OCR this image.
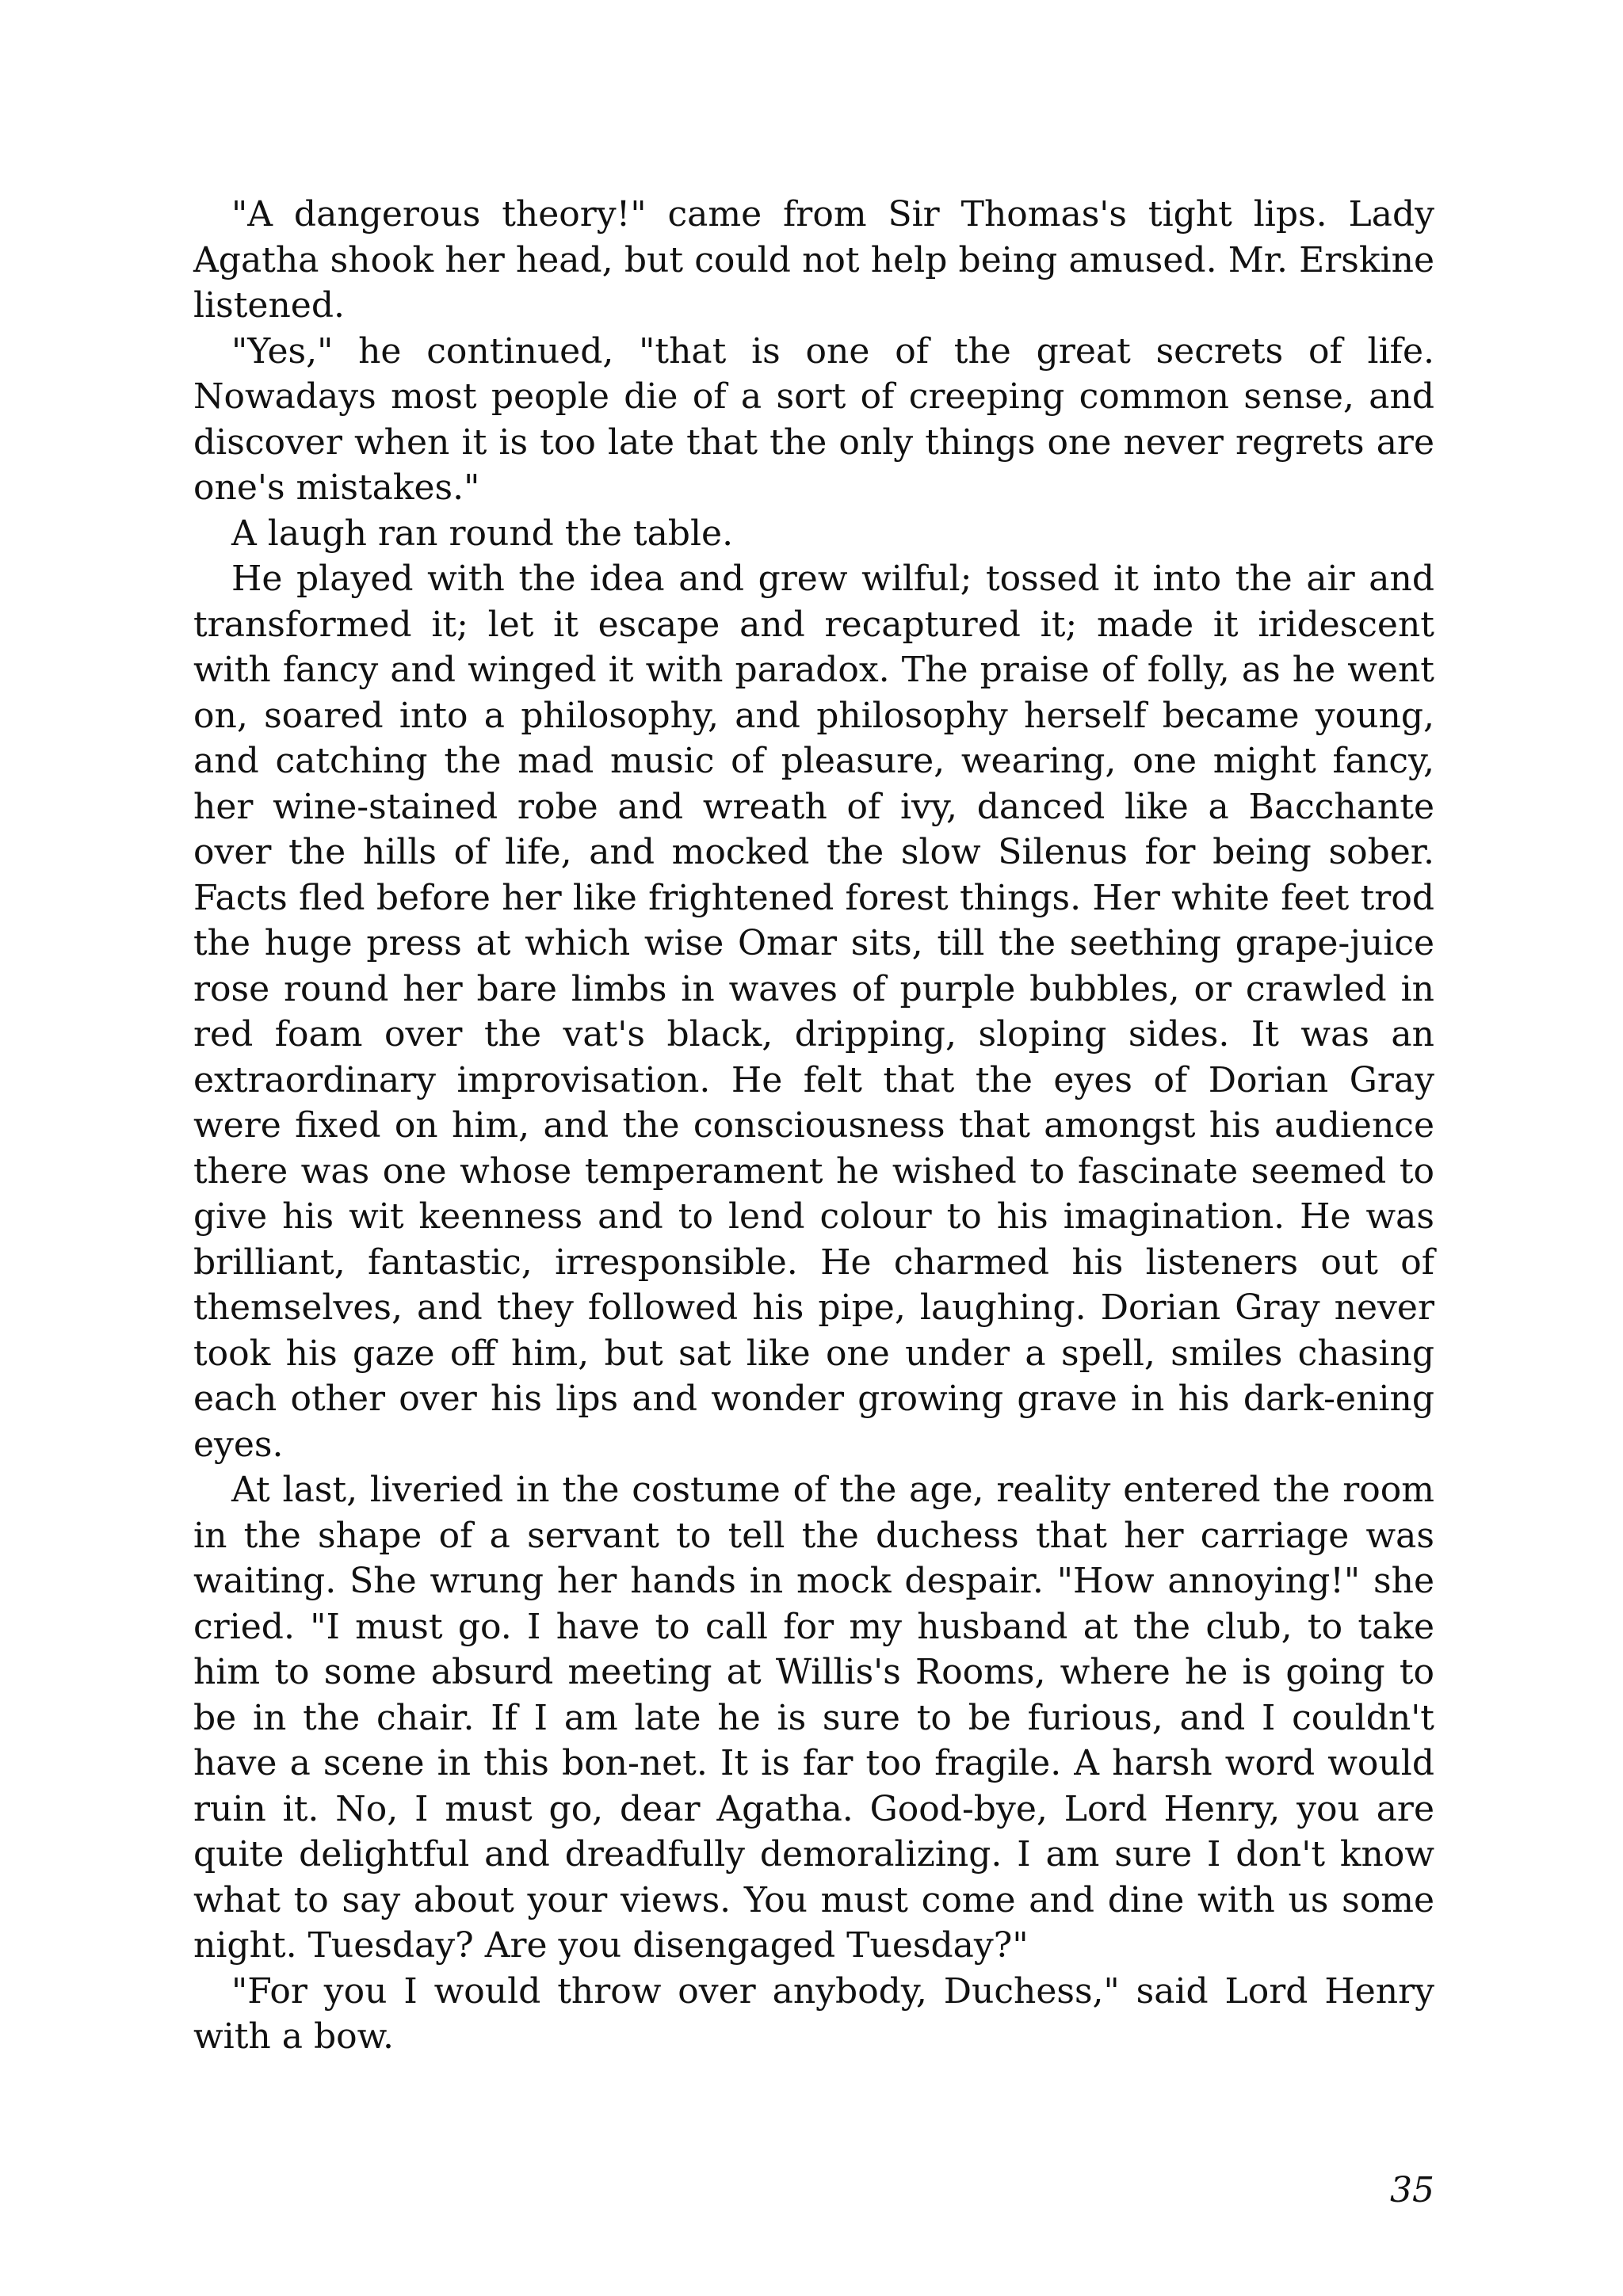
"A dangerous theory!" came from Sir Thomas's tight lips. Lady Agatha shook her head, but could not help being amused. Mr. Erskine listened.

"Yes," he continued, "that is one of the great secrets of life. Nowadays most people die of a sort of creeping common sense, and discover when it is too late that the only things one never regrets are one's mistakes."

A laugh ran round the table.

He played with the idea and grew wilful; tossed it into the air and transformed it; let it escape and recaptured it; made it iridescent with fancy and winged it with paradox. The praise of folly, as he went on, soared into a philosophy, and philosophy herself became young, and catching the mad music of pleasure, wearing, one might fancy, her wine-stained robe and wreath of ivy, danced like a Bacchante over the hills of life, and mocked the slow Silenus for being sober. Facts fled before her like frightened forest things. Her white feet trod the huge press at which wise Omar sits, till the seething grape-juice rose round her bare limbs in waves of purple bubbles, or crawled in red foam over the vat's black, dripping, sloping sides. It was an extraordinary improvisation. He felt that the eyes of Dorian Gray were fixed on him, and the consciousness that amongst his audience there was one whose temperament he wished to fascinate seemed to give his wit keenness and to lend colour to his imagination. He was brilliant, fantastic, irresponsible. He charmed his listeners out of themselves, and they followed his pipe, laughing. Dorian Gray never took his gaze off him, but sat like one under a spell, smiles chasing each other over his lips and wonder growing grave in his dark-ening eyes.

At last, liveried in the costume of the age, reality entered the room in the shape of a servant to tell the duchess that her carriage was waiting. She wrung her hands in mock despair. "How annoying!" she cried. "I must go. I have to call for my husband at the club, to take him to some absurd meeting at Willis's Rooms, where he is going to be in the chair. If I am late he is sure to be furious, and I couldn't have a scene in this bon-net. It is far too fragile. A harsh word would ruin it. No, I must go, dear Agatha. Good-bye, Lord Henry, you are quite delightful and dreadfully demoralizing. I am sure I don't know what to say about your views. You must come and dine with us some night. Tuesday? Are you disengaged Tuesday?"

"For you I would throw over anybody, Duchess," said Lord Henry with a bow.

35
